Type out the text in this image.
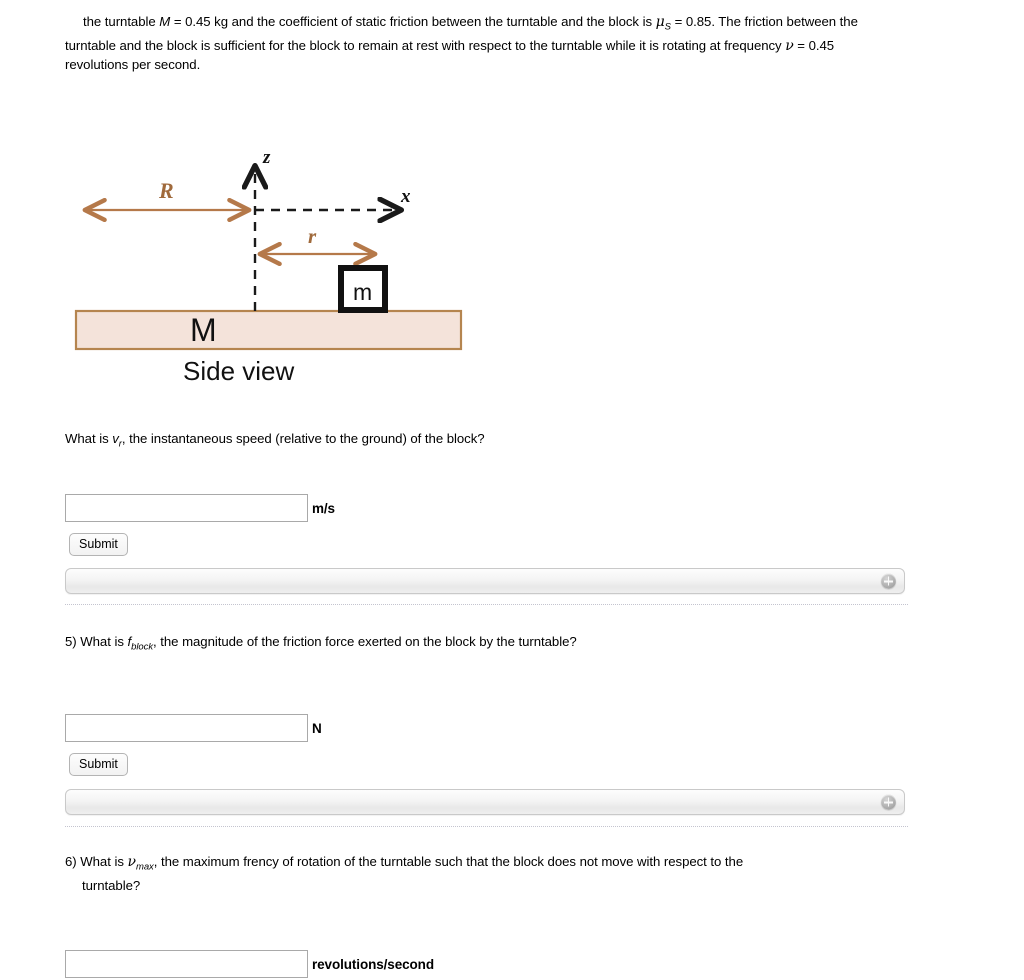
the turntable M = 0.45 kg and the coefficient of static friction between the turntable and the block is $\mu_S = 0.85$. The friction between the turntable and the block is sufficient for the block to remain at rest with respect to the turntable while it is rotating at frequency ν = 0.45 revolutions per second.

M
Side view
z
x
R
r
m
What is $v_r$, the instantaneous speed (relative to the ground) of the block?
m/s
Submit
5) What is $f_{block}$, the magnitude of the friction force exerted on the block by the turntable?
N
Submit
6) What is $\nu_{max}$, the maximum frency of rotation of the turntable such that the block does not move with respect to the
turntable?
revolutions/second
